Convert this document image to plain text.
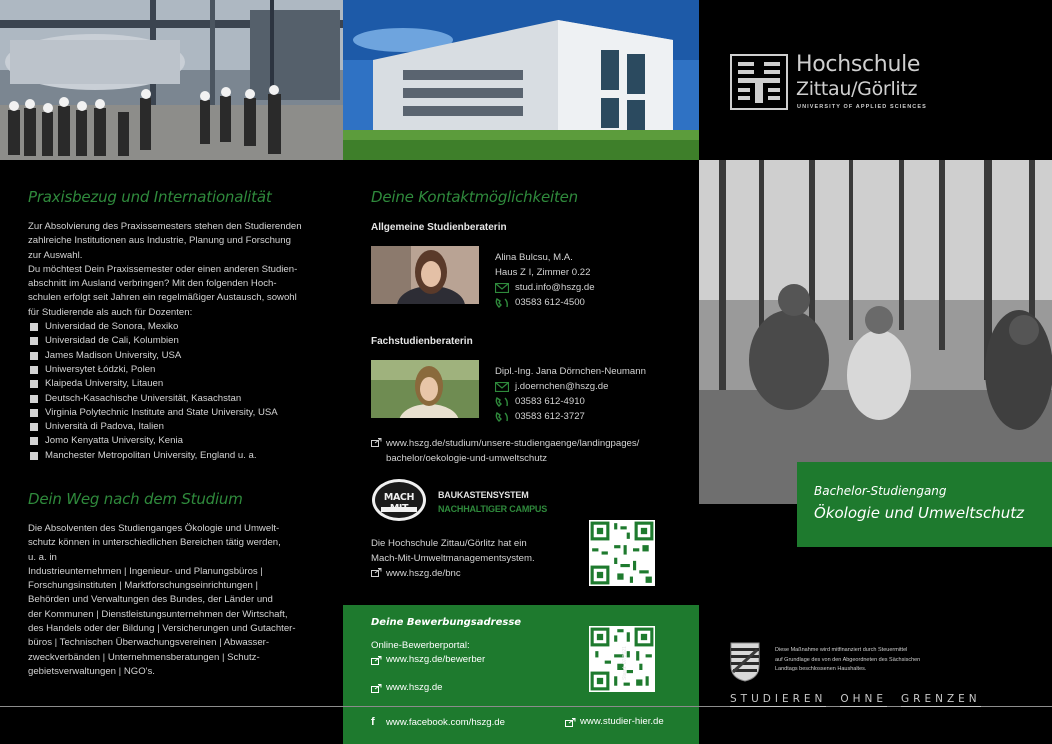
Hochschule
Zittau/Görlitz
UNIVERSITY OF APPLIED SCIENCES
Bachelor-Studiengang
Ökologie und Umweltschutz
Praxisbezug und Internationalität

Zur Absolvierung des Praxissemesters stehen den Studierenden

zahlreiche Institutionen aus Industrie, Planung und Forschung

zur Auswahl.

Du möchtest Dein Praxissemester oder einen anderen Studien-

abschnitt im Ausland verbringen? Mit den folgenden Hoch-

schulen erfolgt seit Jahren ein regelmäßiger Austausch, sowohl

für Studierende als auch für Dozenten:

Universidad de Sonora, Mexiko
Universidad de Cali, Kolumbien
James Madison University, USA
Uniwersytet Łódzki, Polen
Klaipeda University, Litauen
Deutsch-Kasachische Universität, Kasachstan
Virginia Polytechnic Institute and State University, USA
Università di Padova, Italien
Jomo Kenyatta University, Kenia
Manchester Metropolitan University, England u. a.
Dein Weg nach dem Studium

Die Absolventen des Studienganges Ökologie und Umwelt-

schutz können in unterschiedlichen Bereichen tätig werden,

u. a. in

Industrieunternehmen | Ingenieur- und Planungsbüros |

Forschungsinstituten | Marktforschungseinrichtungen |

Behörden und Verwaltungen des Bundes, der Länder und

der Kommunen | Dienstleistungsunternehmen der Wirtschaft,

des Handels oder der Bildung | Versicherungen und Gutachter-

büros | Technischen Überwachungsvereinen | Abwasser-

zweckverbänden | Unternehmensberatungen | Schutz-

gebietsverwaltungen | NGO's.

Deine Kontaktmöglichkeiten
Allgemeine Studienberaterin
Alina Bulcsu, M.A.
Haus Z I, Zimmer 0.22
stud.info@hszg.de
03583 612-4500
Fachstudienberaterin
Dipl.-Ing. Jana Dörnchen-Neumann
j.doernchen@hszg.de
03583 612-4910
03583 612-3727
www.hszg.de/studium/unsere-studiengaenge/landingpages/
bachelor/oekologie-und-umweltschutz
MACH MIT
BAUKASTENSYSTEM
NACHHALTIGER CAMPUS
Die Hochschule Zittau/Görlitz hat ein
Mach-Mit-Umweltmanagementsystem.
www.hszg.de/bnc
Deine Bewerbungsadresse
Online-Bewerberportal:
www.hszg.de/bewerber
www.hszg.de
Stand: 07/2021
f	www.facebook.com/hszg.de	www.studier-hier.de
Diese Maßnahme wird mitfinanziert durch Steuermittel
auf Grundlage des von den Abgeordneten des Sächsischen
Landtags beschlossenen Haushaltes.
STUDIEREN OHNE GRENZEN
